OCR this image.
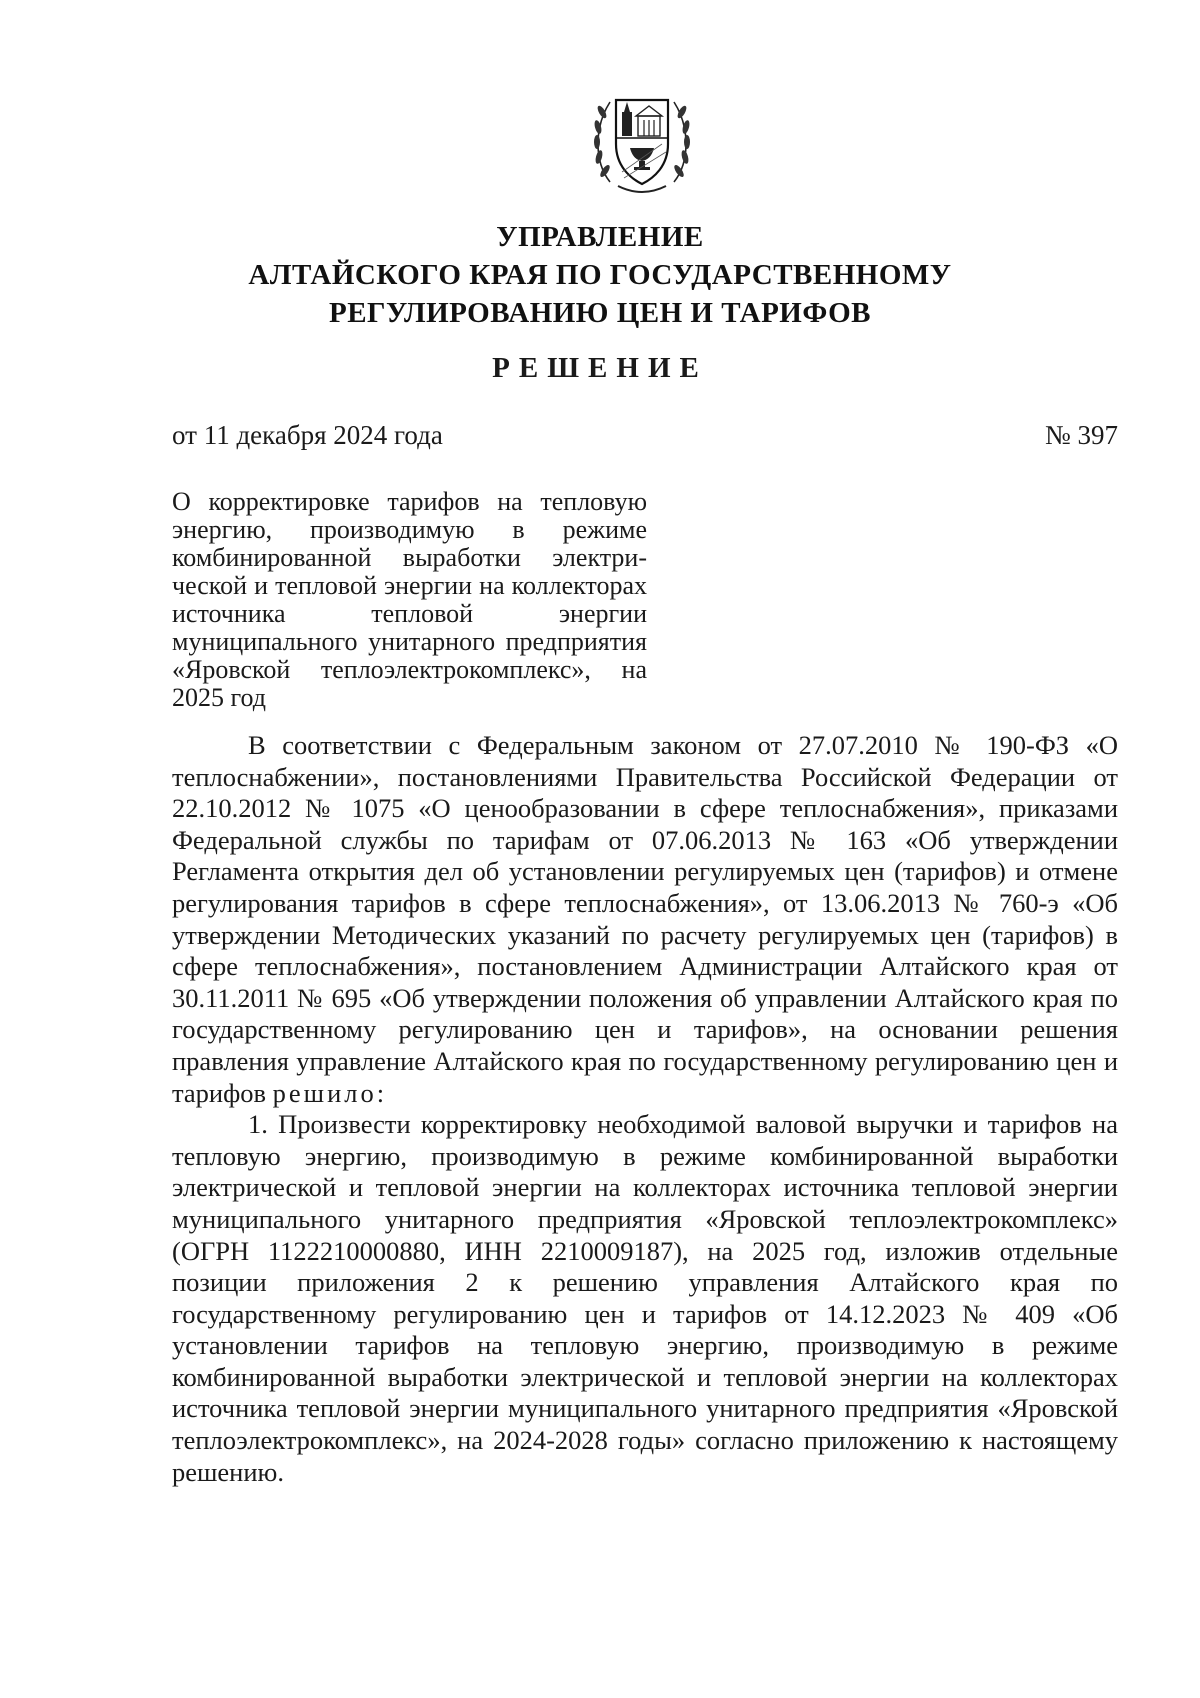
УПРАВЛЕНИЕ
АЛТАЙСКОГО КРАЯ ПО ГОСУДАРСТВЕННОМУ
РЕГУЛИРОВАНИЮ ЦЕН И ТАРИФОВ
РЕШЕНИЕ
от 11 декабря 2024 года	№ 397
О корректировке тарифов на тепловую энергию, производимую в режиме комбинированной выработки электрической и тепловой энергии на коллекторах источника тепловой энергии муниципального унитарного предприятия «Яровской теплоэлектрокомплекс», на 2025 год

В соответствии с Федеральным законом от 27.07.2010 № 190-ФЗ «О теплоснабжении», постановлениями Правительства Российской Федерации от 22.10.2012 № 1075 «О ценообразовании в сфере теплоснабжения», приказами Федеральной службы по тарифам от 07.06.2013 № 163 «Об утверждении Регламента открытия дел об установлении регулируемых цен (тарифов) и отмене регулирования тарифов в сфере теплоснабжения», от 13.06.2013 № 760-э «Об утверждении Методических указаний по расчету регулируемых цен (тарифов) в сфере теплоснабжения», постановлением Администрации Алтайского края от 30.11.2011 № 695 «Об утверждении положения об управлении Алтайского края по государственному регулированию цен и тарифов», на основании решения правления управление Алтайского края по государственному регулированию цен и тарифов решило:

1. Произвести корректировку необходимой валовой выручки и тарифов на тепловую энергию, производимую в режиме комбинированной выработки электрической и тепловой энергии на коллекторах источника тепловой энергии муниципального унитарного предприятия «Яровской теплоэлектрокомплекс» (ОГРН 1122210000880, ИНН 2210009187), на 2025 год, изложив отдельные позиции приложения 2 к решению управления Алтайского края по государственному регулированию цен и тарифов от 14.12.2023 № 409 «Об установлении тарифов на тепловую энергию, производимую в режиме комбинированной выработки электрической и тепловой энергии на коллекторах источника тепловой энергии муниципального унитарного предприятия «Яровской теплоэлектрокомплекс», на 2024-2028 годы» согласно приложению к настоящему решению.
